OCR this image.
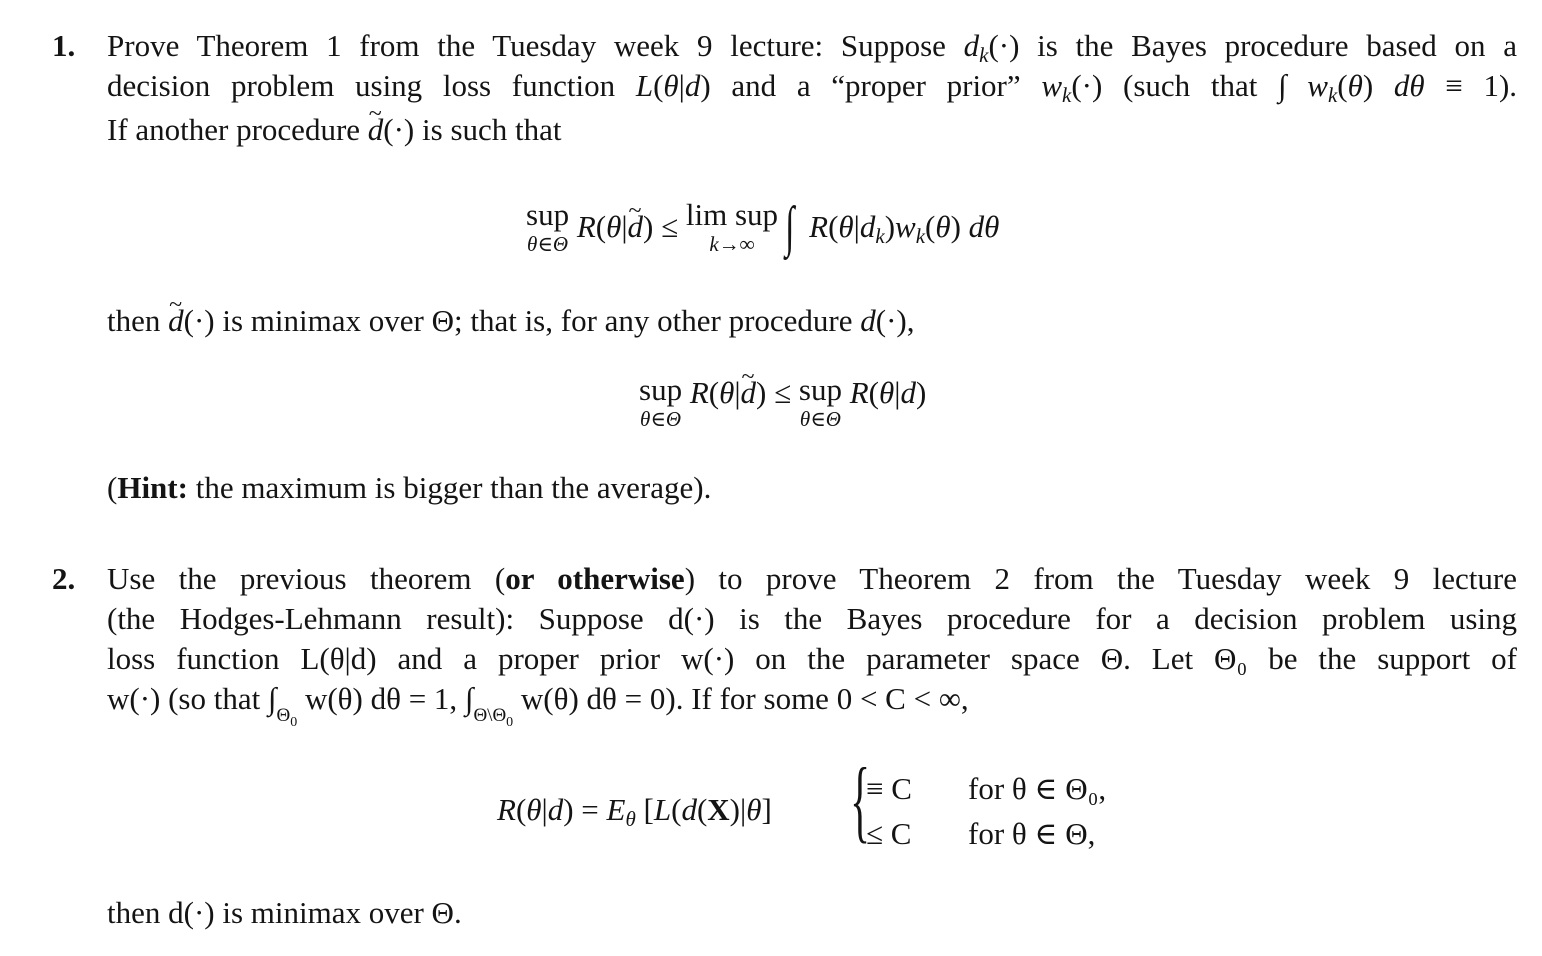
1. Prove Theorem 1 from the Tuesday week 9 lecture: Suppose dk(·) is the Bayes procedure based on a
decision problem using loss function L(θ|d) and a “proper prior” wk(·) (such that ∫ wk(θ) dθ ≡ 1).
If another procedure ~ d(·) is such that
sup
θ∈Θ R(θ|~ d) ≤ lim sup
k→∞ ∫ R(θ|dk)wk(θ) dθ
then ~ d(·) is minimax over Θ; that is, for any other procedure d(·),
sup
θ∈Θ
R(θ|~ d) ≤ sup
θ∈Θ
R(θ|d)
(Hint: the maximum is bigger than the average).
2. Use the previous theorem (or otherwise) to prove Theorem 2 from the Tuesday week 9 lecture
(the Hodges-Lehmann result): Suppose d(·) is the Bayes procedure for a decision problem using
loss function L(θ|d) and a proper prior w(·) on the parameter space Θ. Let Θ₀ be the support of
w(·) (so that $\int_{\Theta_0}$ w(θ) dθ = 1, $\int_{\Theta\backslash\Theta_0}$ w(θ) dθ = 0). If for some 0 < C < ∞,
R(θ|d) = Eθ [L(d(X)|θ] {
≡ C for θ ∈ Θ₀,
≤ C for θ ∈ Θ,
then d(·) is minimax over Θ.
